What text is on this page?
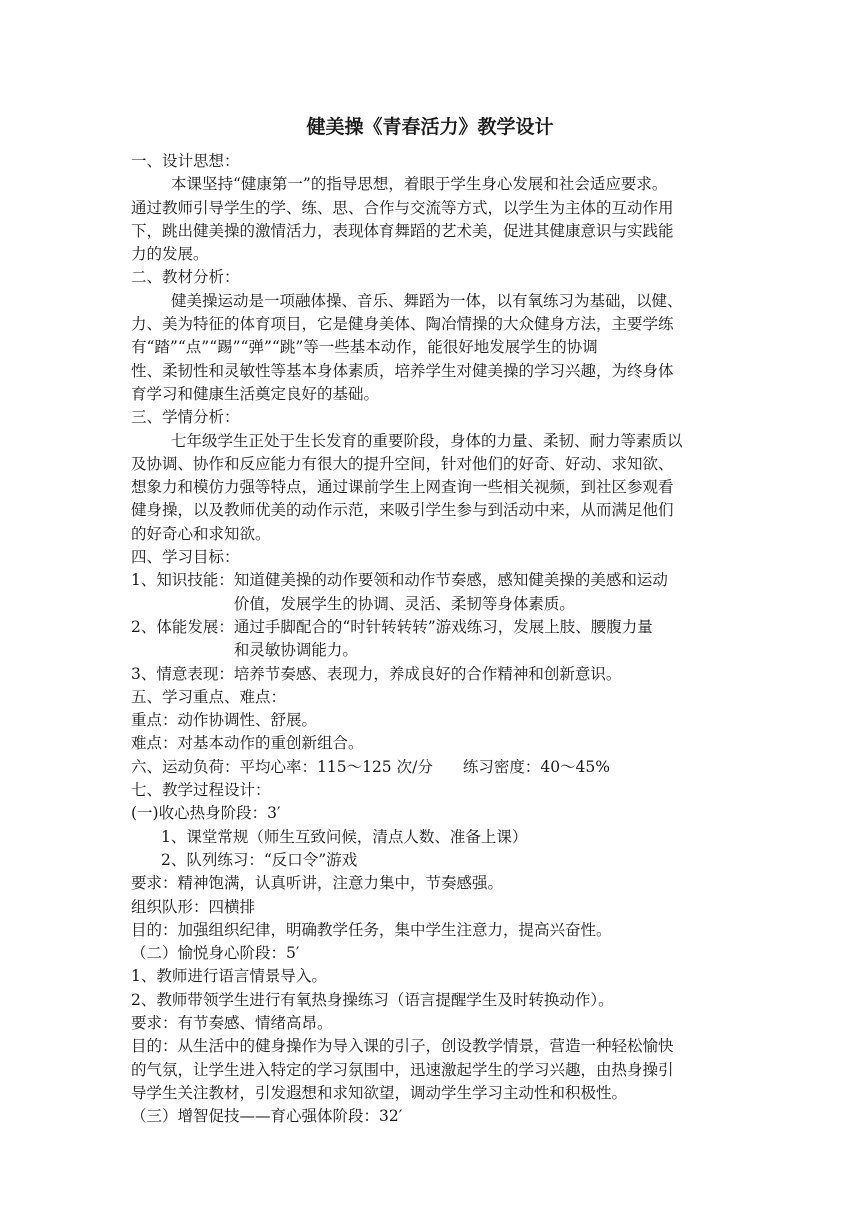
健美操《青春活力》教学设计
一、设计思想：
本课坚持“健康第一”的指导思想，着眼于学生身心发展和社会适应要求。
通过教师引导学生的学、练、思、合作与交流等方式，以学生为主体的互动作用
下，跳出健美操的激情活力，表现体育舞蹈的艺术美，促进其健康意识与实践能
力的发展。
二、教材分析：
健美操运动是一项融体操、音乐、舞蹈为一体，以有氧练习为基础，以健、
力、美为特征的体育项目，它是健身美体、陶冶情操的大众健身方法，主要学练
有“踏”“点”“踢”“弹”“跳”等一些基本动作，能很好地发展学生的协调
性、柔韧性和灵敏性等基本身体素质，培养学生对健美操的学习兴趣，为终身体
育学习和健康生活奠定良好的基础。
三、学情分析：
七年级学生正处于生长发育的重要阶段，身体的力量、柔韧、耐力等素质以
及协调、协作和反应能力有很大的提升空间，针对他们的好奇、好动、求知欲、
想象力和模仿力强等特点，通过课前学生上网查询一些相关视频，到社区参观看
健身操，以及教师优美的动作示范，来吸引学生参与到活动中来，从而满足他们
的好奇心和求知欲。
四、学习目标：
1、知识技能： 知道健美操的动作要领和动作节奏感，感知健美操的美感和运动
价值，发展学生的协调、灵活、柔韧等身体素质。
2、体能发展： 通过手脚配合的“时针转转转”游戏练习，发展上肢、腰腹力量
和灵敏协调能力。
3、情意表现： 培养节奏感、表现力，养成良好的合作精神和创新意识。
五、学习重点、难点：
重点：动作协调性、舒展。
难点：对基本动作的重创新组合。
六、运动负荷：平均心率：115～125 次/分 练习密度：40～45%
七、教学过程设计：
(一)收心热身阶段：3′
1、课堂常规（师生互致问候，清点人数、准备上课）
2、队列练习：“反口令”游戏
要求：精神饱满，认真听讲，注意力集中，节奏感强。
组织队形：四横排
目的：加强组织纪律，明确教学任务，集中学生注意力，提高兴奋性。
（二）愉悦身心阶段：5′
1、教师进行语言情景导入。
2、教师带领学生进行有氧热身操练习（语言提醒学生及时转换动作）。
要求：有节奏感、情绪高昂。
目的：从生活中的健身操作为导入课的引子，创设教学情景，营造一种轻松愉快
的气氛，让学生进入特定的学习氛围中，迅速激起学生的学习兴趣，由热身操引
导学生关注教材，引发遐想和求知欲望，调动学生学习主动性和积极性。
（三）增智促技——育心强体阶段：32′
